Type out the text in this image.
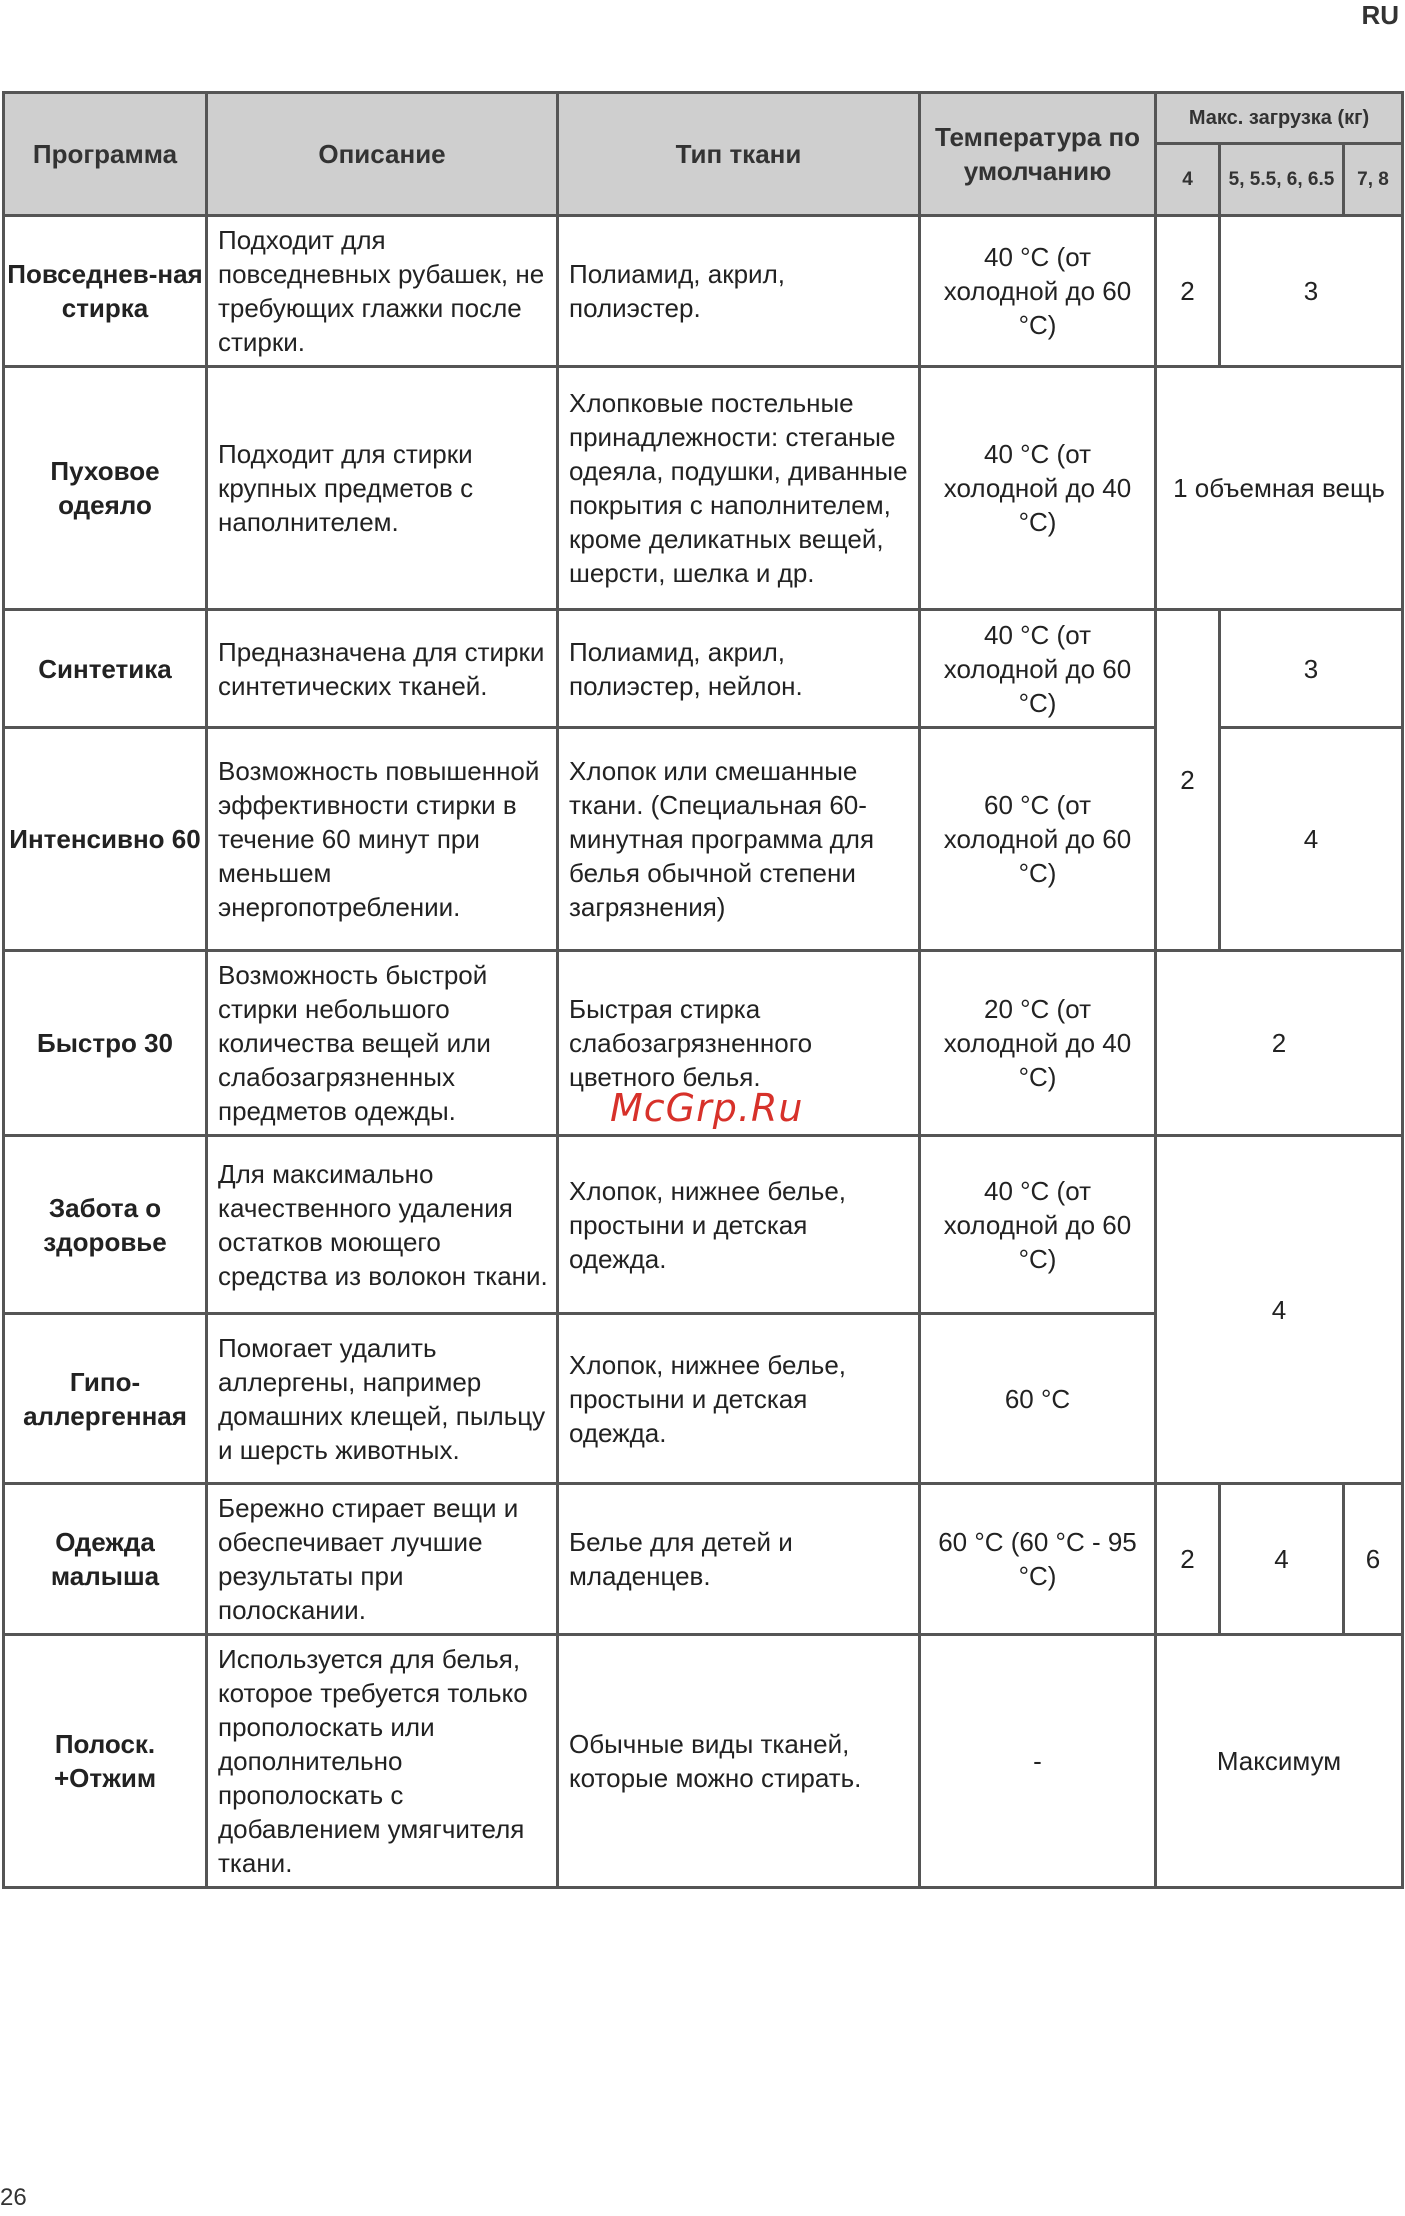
RU
Программа	Описание	Тип ткани	Температура по умолчанию	Макс. загрузка (кг)		
				4	5, 5.5, 6, 6.5	7, 8
Повседнев-ная стирка	Подходит для повседневных рубашек, не требующих глажки после стирки.	Полиамид, акрил, полиэстер.	40 °C (от холодной до 60 °C)	2	3	
Пуховое одеяло	Подходит для стирки крупных предметов с наполнителем.	Хлопковые постельные принадлежности: стеганые одеяла, подушки, диванные покрытия с наполнителем, кроме деликатных вещей, шерсти, шелка и др.	40 °C (от холодной до 40 °C)	1 объемная вещь		
Синтетика	Предназначена для стирки синтетических тканей.	Полиамид, акрил, полиэстер, нейлон.	40 °C (от холодной до 60 °C)	2	3	
Интенсивно 60	Возможность повышенной эффективности стирки в течение 60 минут при меньшем энергопотреблении.	Хлопок или смешанные ткани. (Специальная 60-минутная программа для белья обычной степени загрязнения)	60 °C (от холодной до 60 °C)		4	
Быстро 30	Возможность быстрой стирки небольшого количества вещей или слабозагрязненных предметов одежды.	Быстрая стирка слабозагрязненного цветного белья.	20 °C (от холодной до 40 °C)	2		
Забота о здоровье	Для максимально качественного удаления остатков моющего средства из волокон ткани.	Хлопок, нижнее белье, простыни и детская одежда.	40 °C (от холодной до 60 °C)	4		
Гипо-аллергенная	Помогает удалить аллергены, например домашних клещей, пыльцу и шерсть животных.	Хлопок, нижнее белье, простыни и детская одежда.	60 °C			
Одежда малыша	Бережно стирает вещи и обеспечивает лучшие результаты при полоскании.	Белье для детей и младенцев.	60 °C (60 °C - 95 °C)	2	4	6
Полоск. +Отжим	Используется для белья, которое требуется только прополоскать или дополнительно прополоскать с добавлением умягчителя ткани.	Обычные виды тканей, которые можно стирать.	-	Максимум		
McGrp.Ru
26
